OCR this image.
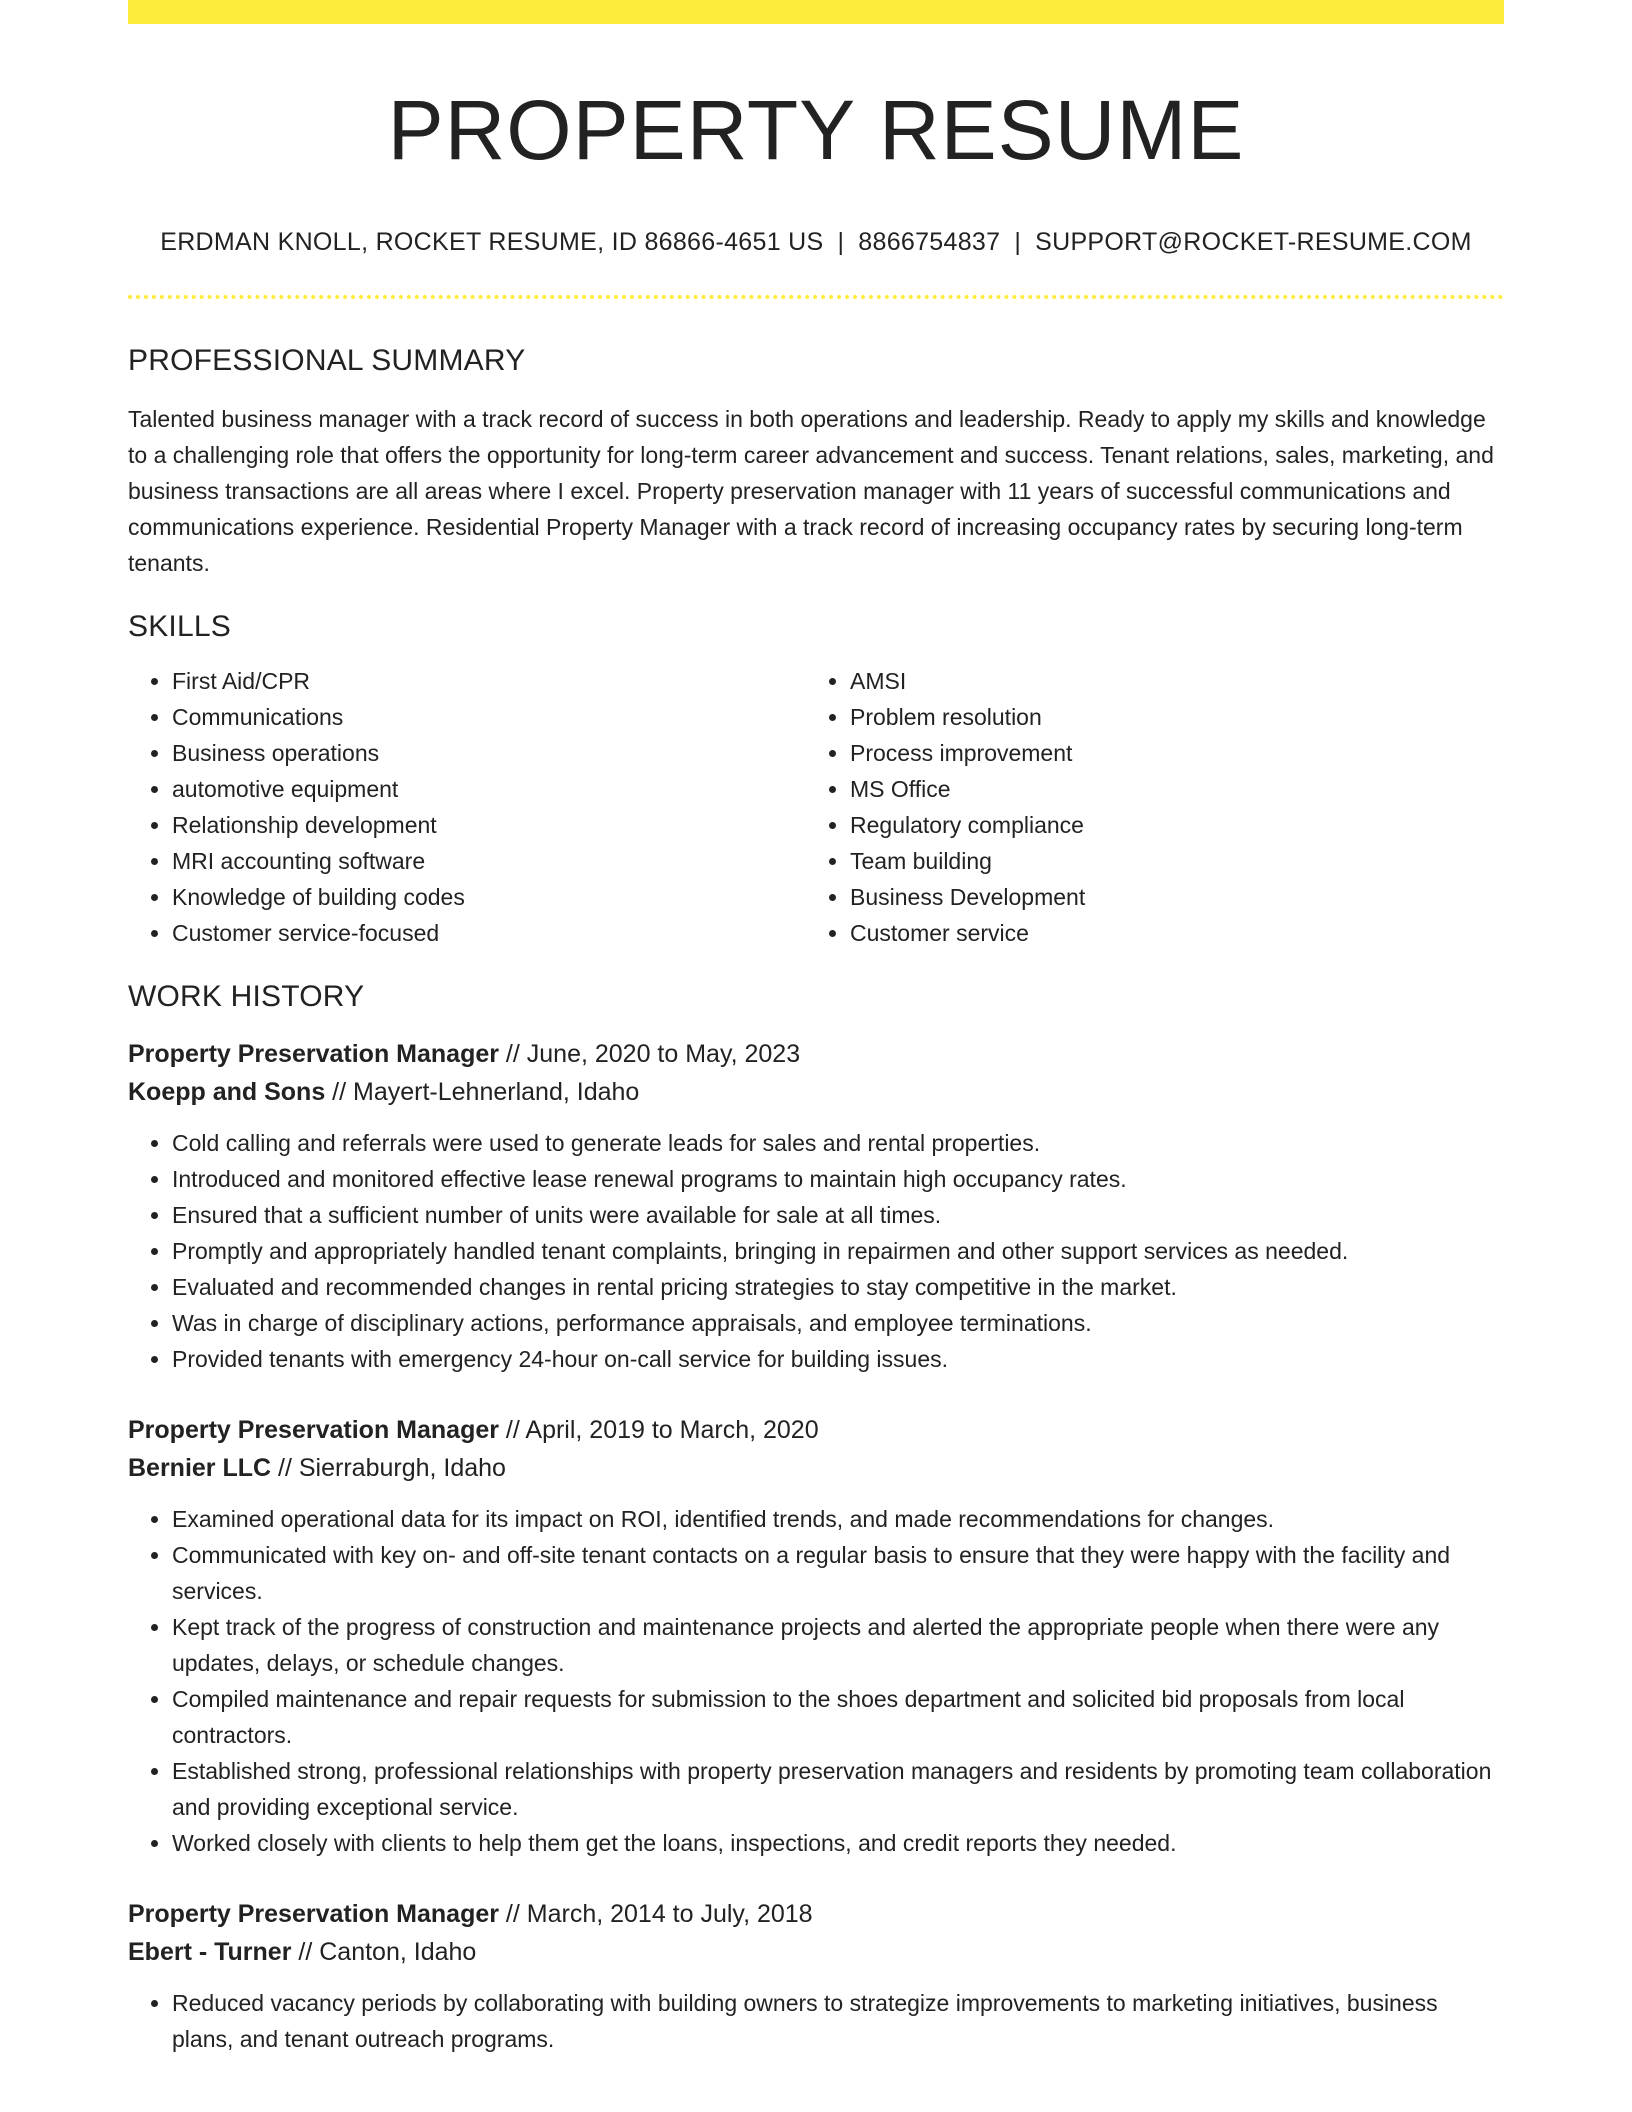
PROPERTY RESUME
ERDMAN KNOLL, ROCKET RESUME, ID 86866-4651 US | 8866754837 | SUPPORT@ROCKET-RESUME.COM
PROFESSIONAL SUMMARY

Talented business manager with a track record of success in both operations and leadership. Ready to apply my skills and knowledge to a challenging role that offers the opportunity for long-term career advancement and success. Tenant relations, sales, marketing, and business transactions are all areas where I excel. Property preservation manager with 11 years of successful communications and communications experience. Residential Property Manager with a track record of increasing occupancy rates by securing long-term tenants.

SKILLS
• First Aid/CPR
• Communications
• Business operations
• automotive equipment
• Relationship development
• MRI accounting software
• Knowledge of building codes
• Customer service-focused
• AMSI
• Problem resolution
• Process improvement
• MS Office
• Regulatory compliance
• Team building
• Business Development
• Customer service
WORK HISTORY
Property Preservation Manager // June, 2020 to May, 2023
Koepp and Sons // Mayert-Lehnerland, Idaho
• Cold calling and referrals were used to generate leads for sales and rental properties.
• Introduced and monitored effective lease renewal programs to maintain high occupancy rates.
• Ensured that a sufficient number of units were available for sale at all times.
• Promptly and appropriately handled tenant complaints, bringing in repairmen and other support services as needed.
• Evaluated and recommended changes in rental pricing strategies to stay competitive in the market.
• Was in charge of disciplinary actions, performance appraisals, and employee terminations.
• Provided tenants with emergency 24-hour on-call service for building issues.
Property Preservation Manager // April, 2019 to March, 2020
Bernier LLC // Sierraburgh, Idaho
• Examined operational data for its impact on ROI, identified trends, and made recommendations for changes.
• Communicated with key on- and off-site tenant contacts on a regular basis to ensure that they were happy with the facility and services.
• Kept track of the progress of construction and maintenance projects and alerted the appropriate people when there were any updates, delays, or schedule changes.
• Compiled maintenance and repair requests for submission to the shoes department and solicited bid proposals from local contractors.
• Established strong, professional relationships with property preservation managers and residents by promoting team collaboration and providing exceptional service.
• Worked closely with clients to help them get the loans, inspections, and credit reports they needed.
Property Preservation Manager // March, 2014 to July, 2018
Ebert - Turner // Canton, Idaho
• Reduced vacancy periods by collaborating with building owners to strategize improvements to marketing initiatives, business plans, and tenant outreach programs.
